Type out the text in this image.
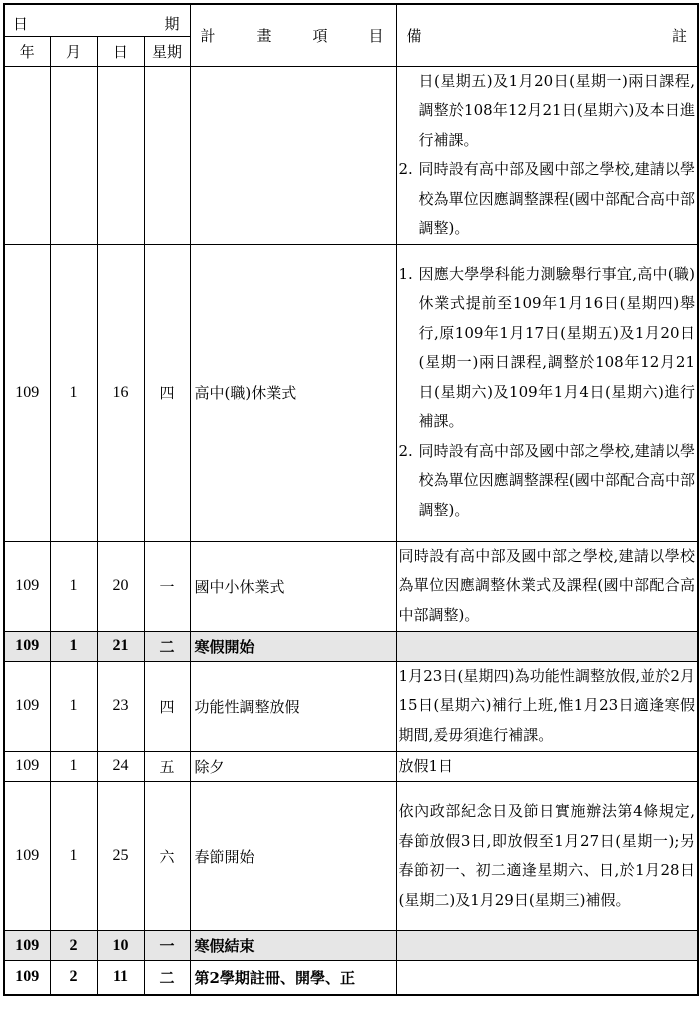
日 期				計 畫 項 目	備 註

年	月	日	星期		

					日(星期五)及1月20日(星期一)兩日課程,調整於108年12月21日(星期六)及本日進行補課。
2. 同時設有高中部及國中部之學校,建請以學校為單位因應調整課程(國中部配合高中部調整)。

109	1	16	四	高中(職)休業式	1. 因應大學學科能力測驗舉行事宜,高中(職)休業式提前至109年1月16日(星期四)舉行,原109年1月17日(星期五)及1月20日(星期一)兩日課程,調整於108年12月21日(星期六)及109年1月4日(星期六)進行補課。
2. 同時設有高中部及國中部之學校,建請以學校為單位因應調整課程(國中部配合高中部調整)。

109	1	20	一	國中小休業式	同時設有高中部及國中部之學校,建請以學校為單位因應調整休業式及課程(國中部配合高中部調整)。

109	1	21	二	寒假開始	
109	1	23	四	功能性調整放假	1月23日(星期四)為功能性調整放假,並於2月15日(星期六)補行上班,惟1月23日適逢寒假期間,爰毋須進行補課。

109	1	24	五	除夕	放假1日

109	1	25	六	春節開始	依內政部紀念日及節日實施辦法第4條規定,春節放假3日,即放假至1月27日(星期一);另春節初一、初二適逢星期六、日,於1月28日(星期二)及1月29日(星期三)補假。

109	2	10	一	寒假結束	
109	2	11	二	第2學期註冊、開學、正	
